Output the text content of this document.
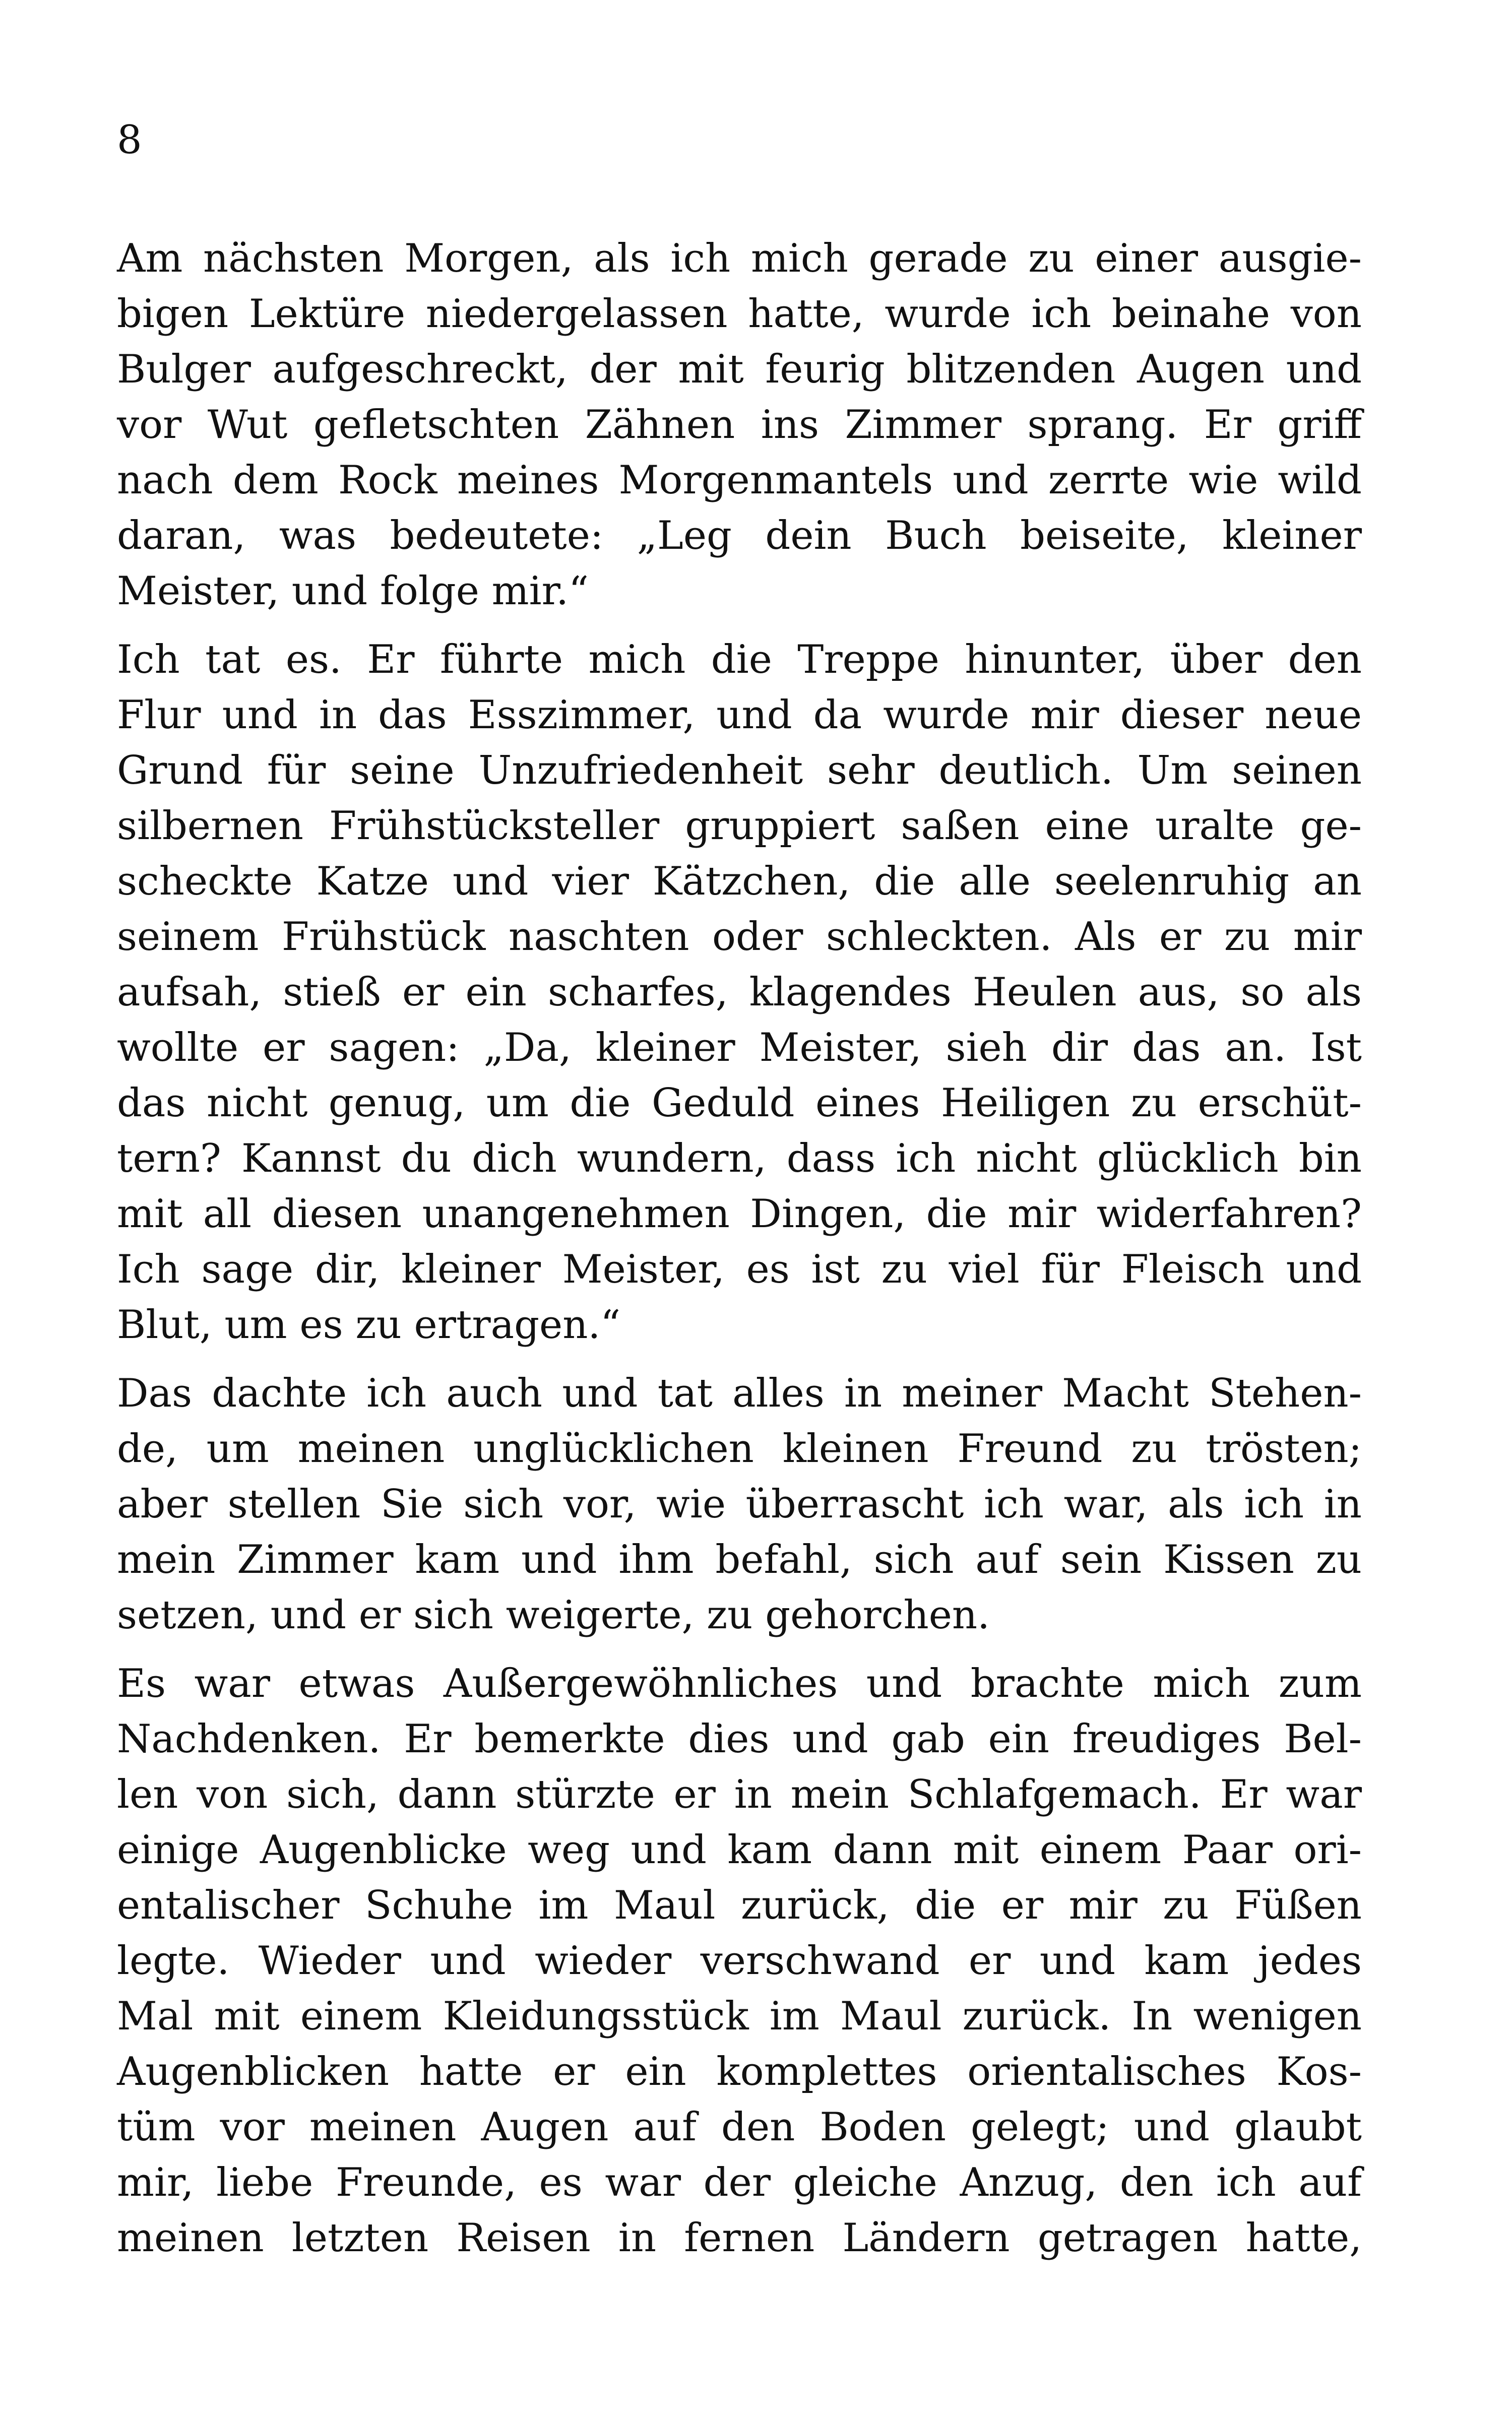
8
Am nächsten Morgen, als ich mich gerade zu einer ausgie-
bigen Lektüre niedergelassen hatte, wurde ich beinahe von
Bulger aufgeschreckt, der mit feurig blitzenden Augen und
vor Wut gefletschten Zähnen ins Zimmer sprang. Er griff
nach dem Rock meines Morgenmantels und zerrte wie wild
daran, was bedeutete: „Leg dein Buch beiseite, kleiner
Meister, und folge mir.“
Ich tat es. Er führte mich die Treppe hinunter, über den
Flur und in das Esszimmer, und da wurde mir dieser neue
Grund für seine Unzufriedenheit sehr deutlich. Um seinen
silbernen Frühstücksteller gruppiert saßen eine uralte ge-
scheckte Katze und vier Kätzchen, die alle seelenruhig an
seinem Frühstück naschten oder schleckten. Als er zu mir
aufsah, stieß er ein scharfes, klagendes Heulen aus, so als
wollte er sagen: „Da, kleiner Meister, sieh dir das an. Ist
das nicht genug, um die Geduld eines Heiligen zu erschüt-
tern? Kannst du dich wundern, dass ich nicht glücklich bin
mit all diesen unangenehmen Dingen, die mir widerfahren?
Ich sage dir, kleiner Meister, es ist zu viel für Fleisch und
Blut, um es zu ertragen.“
Das dachte ich auch und tat alles in meiner Macht Stehen-
de, um meinen unglücklichen kleinen Freund zu trösten;
aber stellen Sie sich vor, wie überrascht ich war, als ich in
mein Zimmer kam und ihm befahl, sich auf sein Kissen zu
setzen, und er sich weigerte, zu gehorchen.
Es war etwas Außergewöhnliches und brachte mich zum
Nachdenken. Er bemerkte dies und gab ein freudiges Bel-
len von sich, dann stürzte er in mein Schlafgemach. Er war
einige Augenblicke weg und kam dann mit einem Paar ori-
entalischer Schuhe im Maul zurück, die er mir zu Füßen
legte. Wieder und wieder verschwand er und kam jedes
Mal mit einem Kleidungsstück im Maul zurück. In wenigen
Augenblicken hatte er ein komplettes orientalisches Kos-
tüm vor meinen Augen auf den Boden gelegt; und glaubt
mir, liebe Freunde, es war der gleiche Anzug, den ich auf
meinen letzten Reisen in fernen Ländern getragen hatte,
